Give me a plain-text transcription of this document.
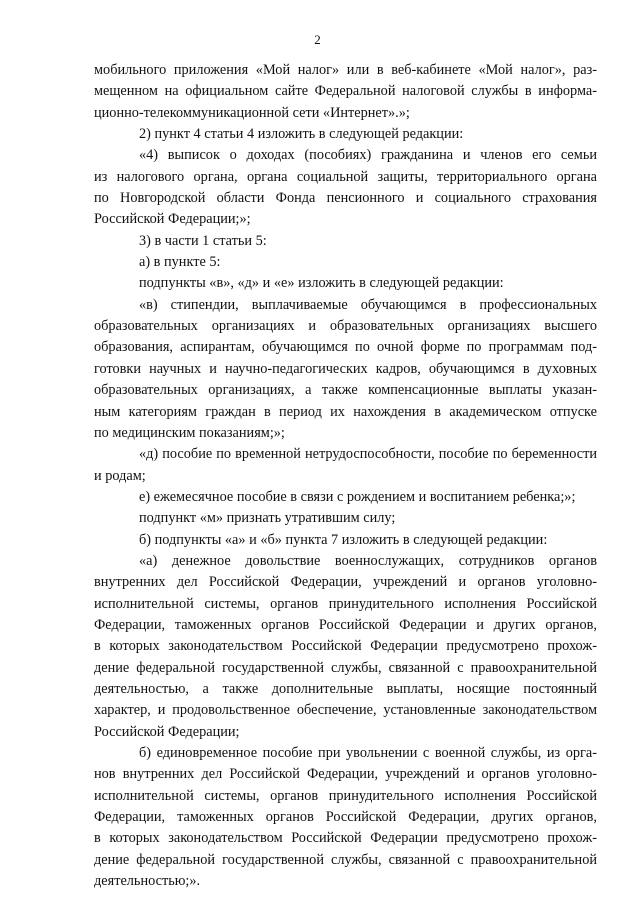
2
мобильного приложения «Мой налог» или в веб-кабинете «Мой налог», раз-
мещенном на официальном сайте Федеральной налоговой службы в информа-
ционно-телекоммуникационной сети «Интернет».»;
2) пункт 4 статьи 4 изложить в следующей редакции:
«4) выписок о доходах (пособиях) гражданина и членов его семьи
из налогового органа, органа социальной защиты, территориального органа
по Новгородской области Фонда пенсионного и социального страхования
Российской Федерации;»;
3) в части 1 статьи 5:
а) в пункте 5:
подпункты «в», «д» и «е» изложить в следующей редакции:
«в) стипендии, выплачиваемые обучающимся в профессиональных
образовательных организациях и образовательных организациях высшего
образования, аспирантам, обучающимся по очной форме по программам под-
готовки научных и научно-педагогических кадров, обучающимся в духовных
образовательных организациях, а также компенсационные выплаты указан-
ным категориям граждан в период их нахождения в академическом отпуске
по медицинским показаниям;»;
«д) пособие по временной нетрудоспособности, пособие по беременности
и родам;
е) ежемесячное пособие в связи с рождением и воспитанием ребенка;»;
подпункт «м» признать утратившим силу;
б) подпункты «а» и «б» пункта 7 изложить в следующей редакции:
«а) денежное довольствие военнослужащих, сотрудников органов
внутренних дел Российской Федерации, учреждений и органов уголовно-
исполнительной системы, органов принудительного исполнения Российской
Федерации, таможенных органов Российской Федерации и других органов,
в которых законодательством Российской Федерации предусмотрено прохож-
дение федеральной государственной службы, связанной с правоохранительной
деятельностью, а также дополнительные выплаты, носящие постоянный
характер, и продовольственное обеспечение, установленные законодательством
Российской Федерации;
б) единовременное пособие при увольнении с военной службы, из орга-
нов внутренних дел Российской Федерации, учреждений и органов уголовно-
исполнительной системы, органов принудительного исполнения Российской
Федерации, таможенных органов Российской Федерации, других органов,
в которых законодательством Российской Федерации предусмотрено прохож-
дение федеральной государственной службы, связанной с правоохранительной
деятельностью;».
